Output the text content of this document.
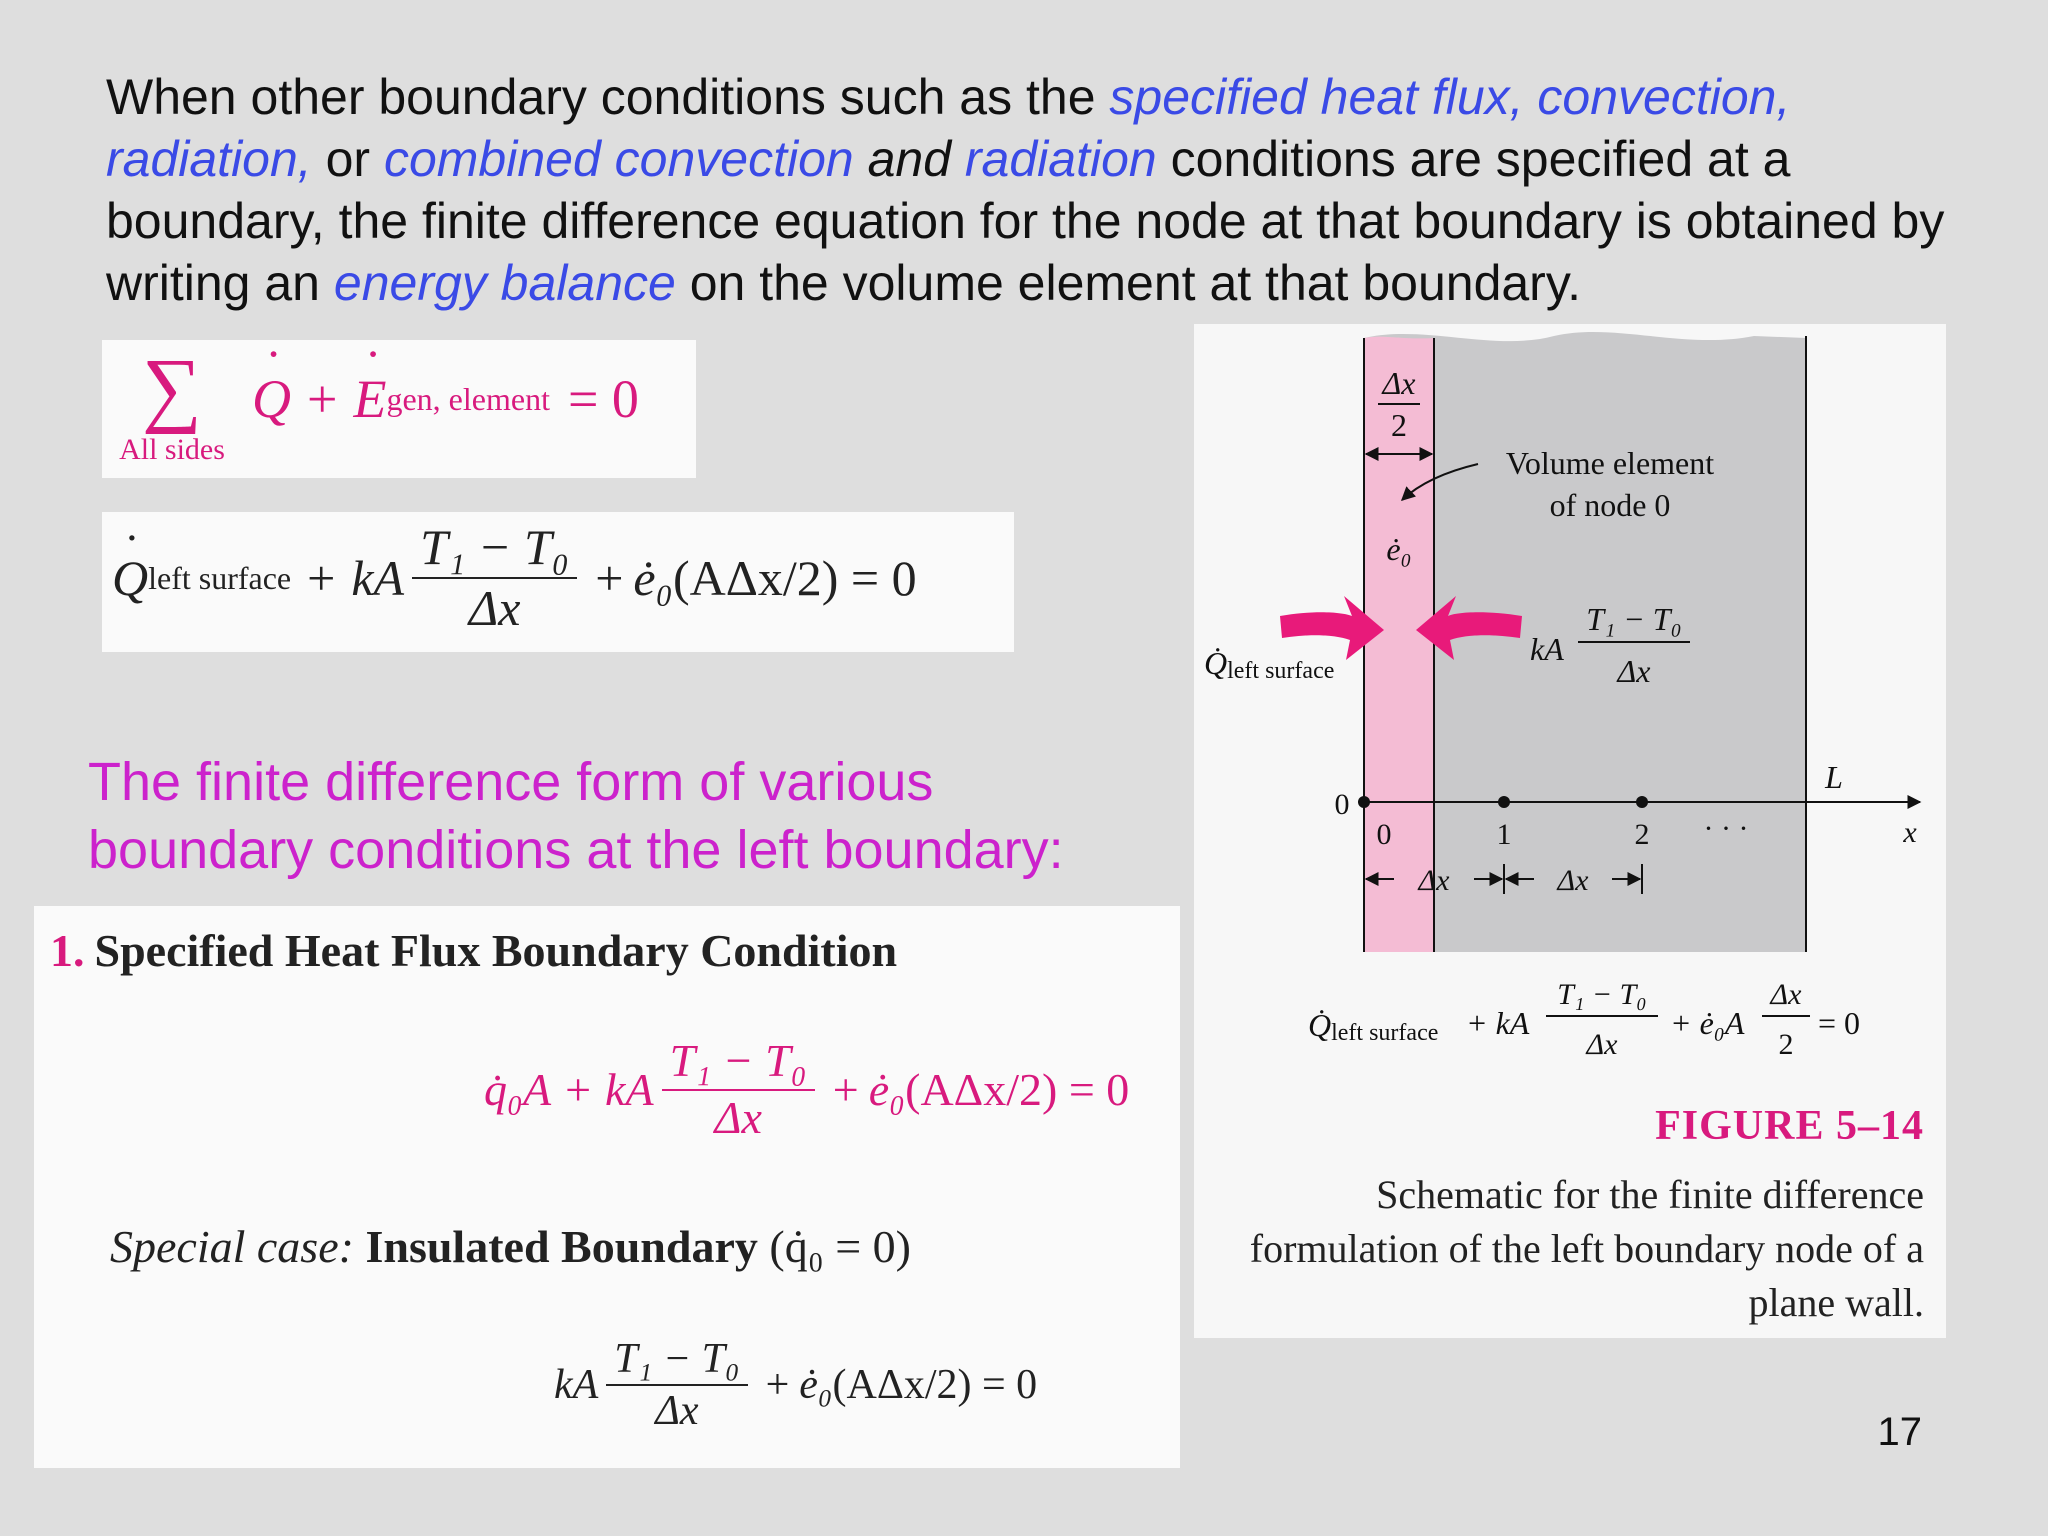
When other boundary conditions such as the specified heat flux, convection, radiation, or combined convection and radiation conditions are specified at a boundary, the finite difference equation for the node at that boundary is obtained by writing an energy balance on the volume element at that boundary.

∑
All sides
˙ Q +
˙ E gen, element = 0
˙ Q left surface + kA $\frac{\text{T₁ − T₀}}{\Delta x}$ + ė₀ (AΔx/2) = 0
The finite difference form of various
boundary conditions at the left boundary:
1. Specified Heat Flux Boundary Condition
q̇₀A + kA $\frac{\text{T₁ − T₀}}{\Delta x}$ + ė₀ (AΔx/2) = 0
Special case: Insulated Boundary (q̇₀ = 0)
kA $\frac{\text{T₁ − T₀}}{\Delta x}$ + ė₀ (AΔx/2) = 0
Δx
2
Volume element
of node 0
ė₀
Q̇left surface
kA
T₁ − T₀
Δx
0
0	1	2 · · ·
L
x
Δx	Δx
Q̇left surface + kA
T₁ − T₀
Δx
+ ė₀A
Δx
2
= 0
FIGURE 5–14

Schematic for the finite difference formulation of the left boundary node of a plane wall.

17
